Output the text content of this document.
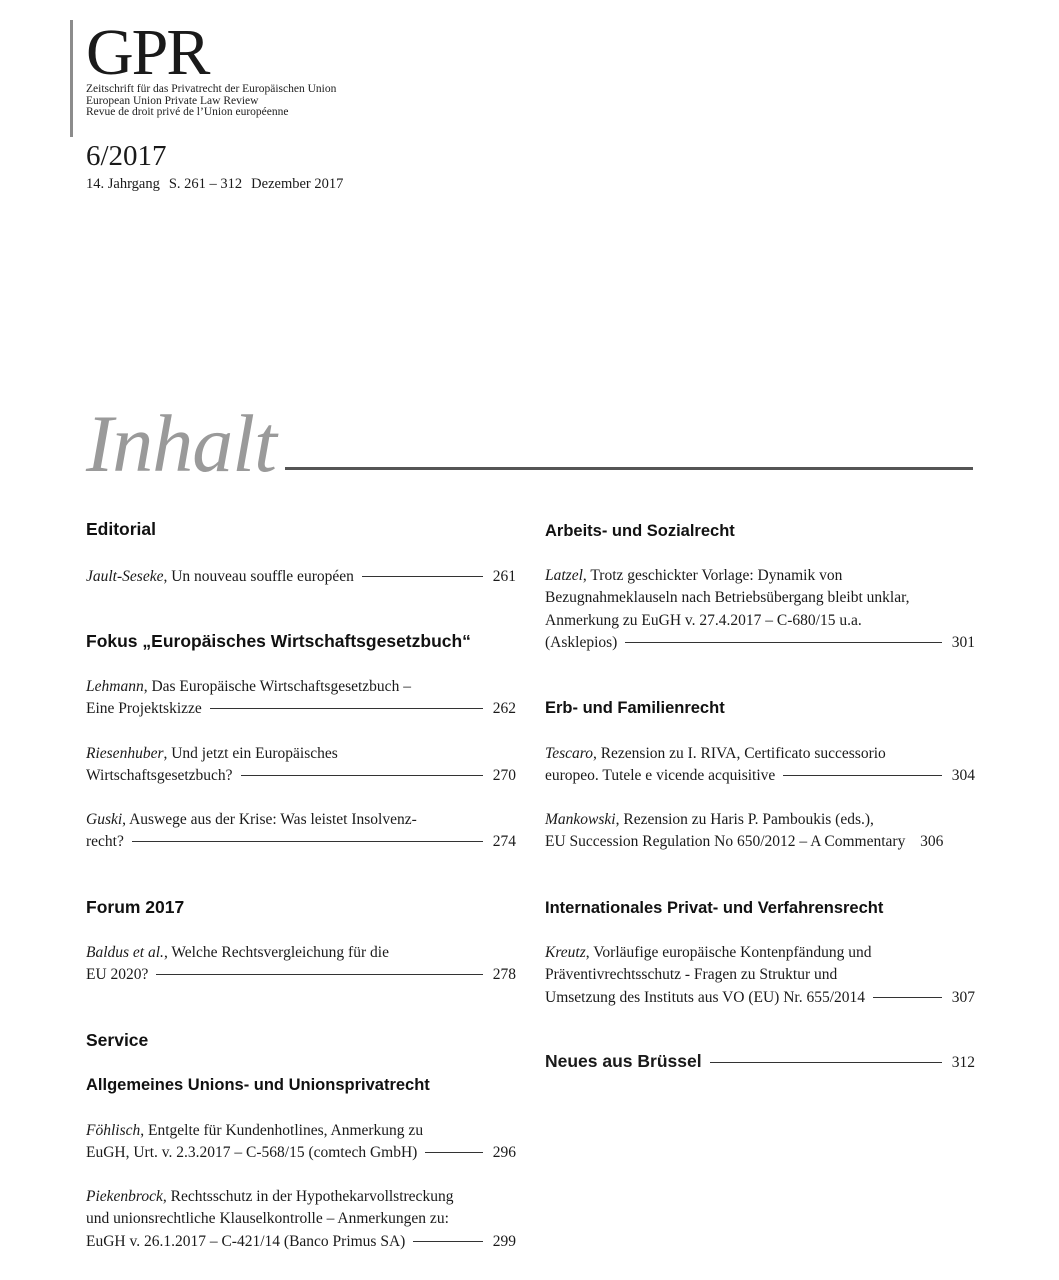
GPR
Zeitschrift für das Privatrecht der Europäischen Union
European Union Private Law Review
Revue de droit privé de l’Union européenne
6/2017
14. Jahrgang S. 261 – 312 Dezember 2017
Inhalt
Editorial
Jault-Seseke, Un nouveau souffle européen	261
Fokus „Europäisches Wirtschaftsgesetzbuch“
Lehmann, Das Europäische Wirtschaftsgesetzbuch –
Eine Projektskizze	262
Riesenhuber, Und jetzt ein Europäisches
Wirtschaftsgesetzbuch?	270
Guski, Auswege aus der Krise: Was leistet Insolvenz-
recht?	274
Forum 2017
Baldus et al., Welche Rechtsvergleichung für die
EU 2020?	278
Service
Allgemeines Unions- und Unionsprivatrecht
Föhlisch, Entgelte für Kundenhotlines, Anmerkung zu
EuGH, Urt. v. 2.3.2017 – C-568/15 (comtech GmbH)	296
Piekenbrock, Rechtsschutz in der Hypothekarvollstreckung
und unionsrechtliche Klauselkontrolle – Anmerkungen zu:
EuGH v. 26.1.2017 – C-421/14 (Banco Primus SA)	299
Arbeits- und Sozialrecht
Latzel, Trotz geschickter Vorlage: Dynamik von
Bezugnahmeklauseln nach Betriebsübergang bleibt unklar,
Anmerkung zu EuGH v. 27.4.2017 – C-680/15 u.a.
(Asklepios)	301
Erb- und Familienrecht
Tescaro, Rezension zu I. RIVA, Certificato successorio
europeo. Tutele e vicende acquisitive	304
Mankowski, Rezension zu Haris P. Pamboukis (eds.),
EU Succession Regulation No 650/2012 – A Commentary 306
Internationales Privat- und Verfahrensrecht
Kreutz, Vorläufige europäische Kontenpfändung und
Präventivrechtsschutz - Fragen zu Struktur und
Umsetzung des Instituts aus VO (EU) Nr. 655/2014	307
Neues aus Brüssel	312
